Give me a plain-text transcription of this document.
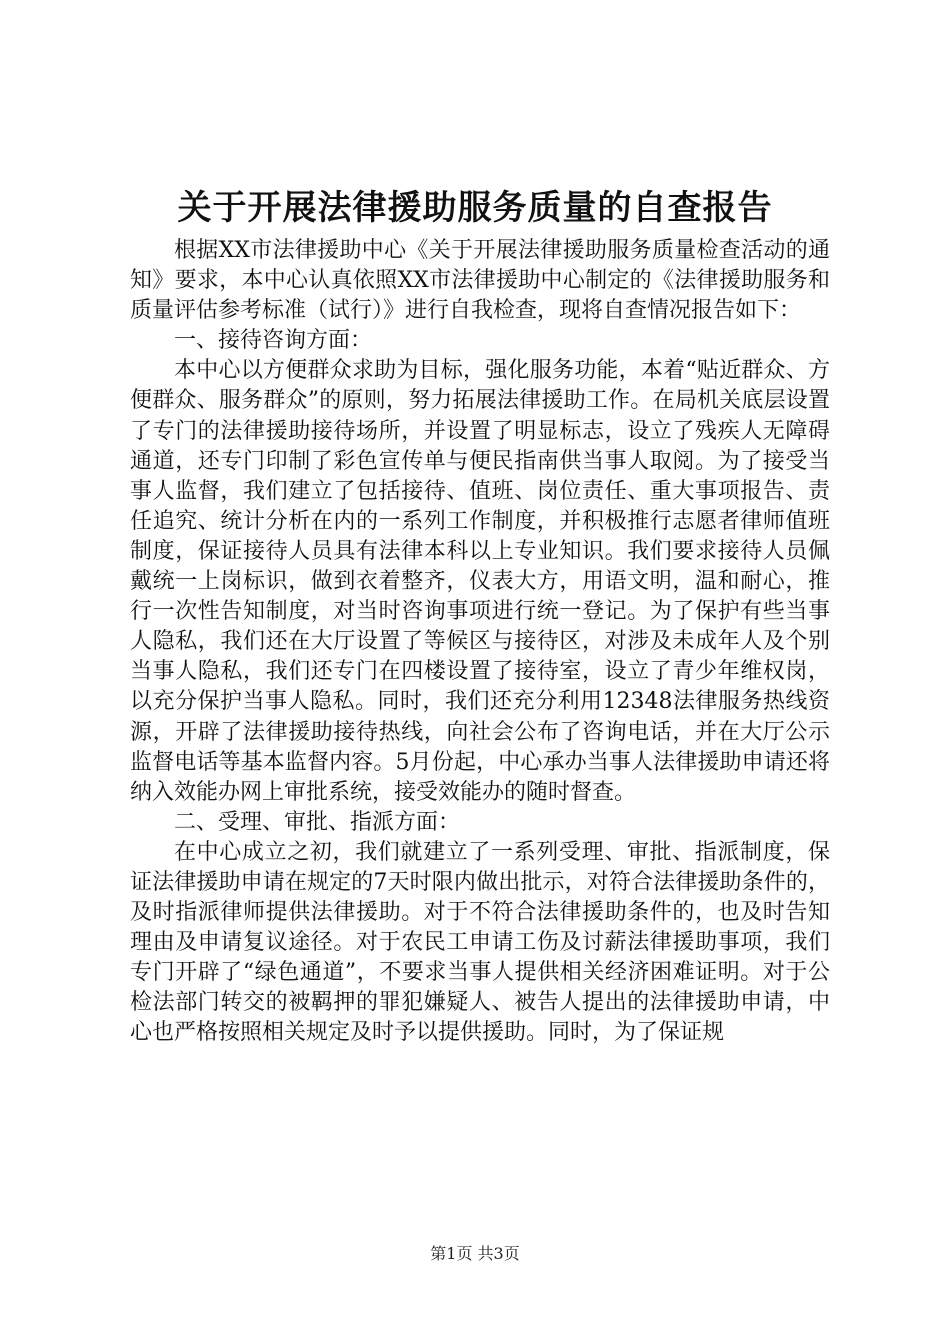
关于开展法律援助服务质量的自查报告

根据XX市法律援助中心《关于开展法律援助服务质量检查活动的通知》要求，本中心认真依照XX市法律援助中心制定的《法律援助服务和质量评估参考标准（试行）》进行自我检查，现将自查情况报告如下：

一、接待咨询方面：

本中心以方便群众求助为目标，强化服务功能，本着“贴近群众、方便群众、服务群众”的原则，努力拓展法律援助工作。在局机关底层设置了专门的法律援助接待场所，并设置了明显标志，设立了残疾人无障碍通道，还专门印制了彩色宣传单与便民指南供当事人取阅。为了接受当事人监督，我们建立了包括接待、值班、岗位责任、重大事项报告、责任追究、统计分析在内的一系列工作制度，并积极推行志愿者律师值班制度，保证接待人员具有法律本科以上专业知识。我们要求接待人员佩戴统一上岗标识，做到衣着整齐，仪表大方，用语文明，温和耐心，推行一次性告知制度，对当时咨询事项进行统一登记。为了保护有些当事人隐私，我们还在大厅设置了等候区与接待区，对涉及未成年人及个别当事人隐私，我们还专门在四楼设置了接待室，设立了青少年维权岗，以充分保护当事人隐私。同时，我们还充分利用12348法律服务热线资源，开辟了法律援助接待热线，向社会公布了咨询电话，并在大厅公示监督电话等基本监督内容。5月份起，中心承办当事人法律援助申请还将纳入效能办网上审批系统，接受效能办的随时督查。

二、受理、审批、指派方面：

在中心成立之初，我们就建立了一系列受理、审批、指派制度，保证法律援助申请在规定的7天时限内做出批示，对符合法律援助条件的，及时指派律师提供法律援助。对于不符合法律援助条件的，也及时告知理由及申请复议途径。对于农民工申请工伤及讨薪法律援助事项，我们专门开辟了“绿色通道”，不要求当事人提供相关经济困难证明。对于公检法部门转交的被羁押的罪犯嫌疑人、被告人提出的法律援助申请，中心也严格按照相关规定及时予以提供援助。同时，为了保证规

第1页 共3页
